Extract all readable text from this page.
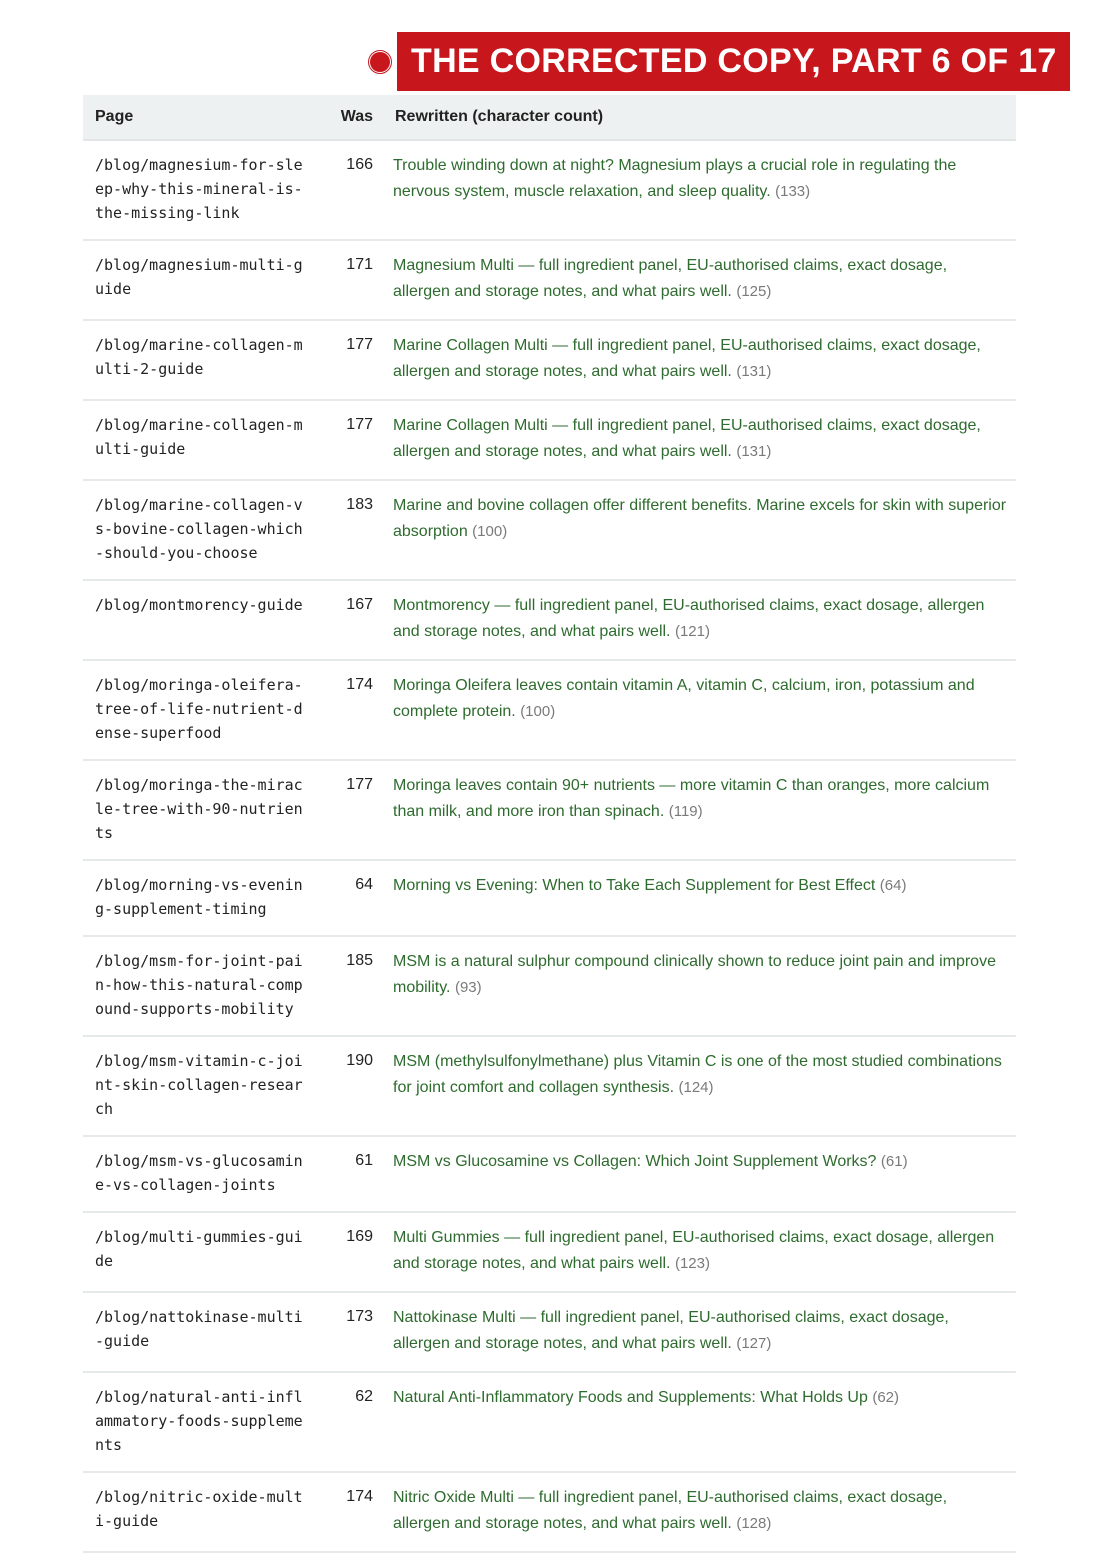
THE CORRECTED COPY, PART 6 OF 17
Page	Was	Rewritten (character count)
/blog/magnesium-for-sleep-why-this-mineral-is-the-missing-link	166	Trouble winding down at night? Magnesium plays a crucial role in regulating the nervous system, muscle relaxation, and sleep quality. (133)
/blog/magnesium-multi-guide	171	Magnesium Multi — full ingredient panel, EU-authorised claims, exact dosage, allergen and storage notes, and what pairs well. (125)
/blog/marine-collagen-multi-2-guide	177	Marine Collagen Multi — full ingredient panel, EU-authorised claims, exact dosage, allergen and storage notes, and what pairs well. (131)
/blog/marine-collagen-multi-guide	177	Marine Collagen Multi — full ingredient panel, EU-authorised claims, exact dosage, allergen and storage notes, and what pairs well. (131)
/blog/marine-collagen-vs-bovine-collagen-which-should-you-choose	183	Marine and bovine collagen offer different benefits. Marine excels for skin with superior absorption (100)
/blog/montmorency-guide	167	Montmorency — full ingredient panel, EU-authorised claims, exact dosage, allergen and storage notes, and what pairs well. (121)
/blog/moringa-oleifera-tree-of-life-nutrient-dense-superfood	174	Moringa Oleifera leaves contain vitamin A, vitamin C, calcium, iron, potassium and complete protein. (100)
/blog/moringa-the-miracle-tree-with-90-nutrients	177	Moringa leaves contain 90+ nutrients — more vitamin C than oranges, more calcium than milk, and more iron than spinach. (119)
/blog/morning-vs-evening-supplement-timing	64	Morning vs Evening: When to Take Each Supplement for Best Effect (64)
/blog/msm-for-joint-pain-how-this-natural-compound-supports-mobility	185	MSM is a natural sulphur compound clinically shown to reduce joint pain and improve mobility. (93)
/blog/msm-vitamin-c-joint-skin-collagen-research	190	MSM (methylsulfonylmethane) plus Vitamin C is one of the most studied combinations for joint comfort and collagen synthesis. (124)
/blog/msm-vs-glucosamine-vs-collagen-joints	61	MSM vs Glucosamine vs Collagen: Which Joint Supplement Works? (61)
/blog/multi-gummies-guide	169	Multi Gummies — full ingredient panel, EU-authorised claims, exact dosage, allergen and storage notes, and what pairs well. (123)
/blog/nattokinase-multi-guide	173	Nattokinase Multi — full ingredient panel, EU-authorised claims, exact dosage, allergen and storage notes, and what pairs well. (127)
/blog/natural-anti-inflammatory-foods-supplements	62	Natural Anti-Inflammatory Foods and Supplements: What Holds Up (62)
/blog/nitric-oxide-multi-guide	174	Nitric Oxide Multi — full ingredient panel, EU-authorised claims, exact dosage, allergen and storage notes, and what pairs well. (128)
